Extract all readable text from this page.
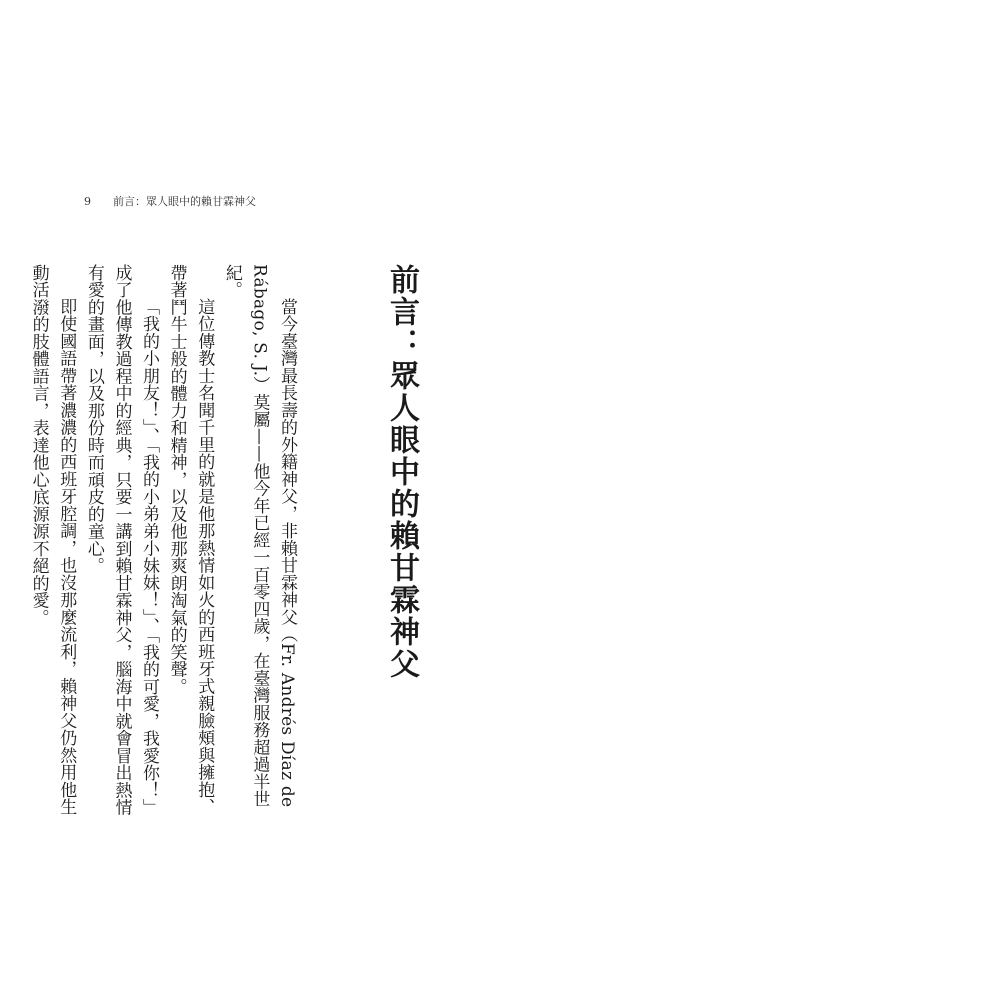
9 前言：眾人眼中的賴甘霖神父
前言：眾人眼中的賴甘霖神父

當今臺灣最長壽的外籍神父，非賴甘霖神父（Fr. Andrés Díaz de Rábago, S. J.）莫屬——他今年已經一百零四歲，在臺灣服務超過半世紀。

這位傳教士名聞千里的就是他那熱情如火的西班牙式親臉頰與擁抱、帶著鬥牛士般的體力和精神，以及他那爽朗淘氣的笑聲。

「我的小朋友！」、「我的小弟弟小妹妹！」、「我的可愛，我愛你！」成了他傳教過程中的經典，只要一講到賴甘霖神父，腦海中就會冒出熱情有愛的畫面，以及那份時而頑皮的童心。

即使國語帶著濃濃的西班牙腔調，也沒那麼流利，賴神父仍然用他生動活潑的肢體語言，表達他心底源源不絕的愛。
